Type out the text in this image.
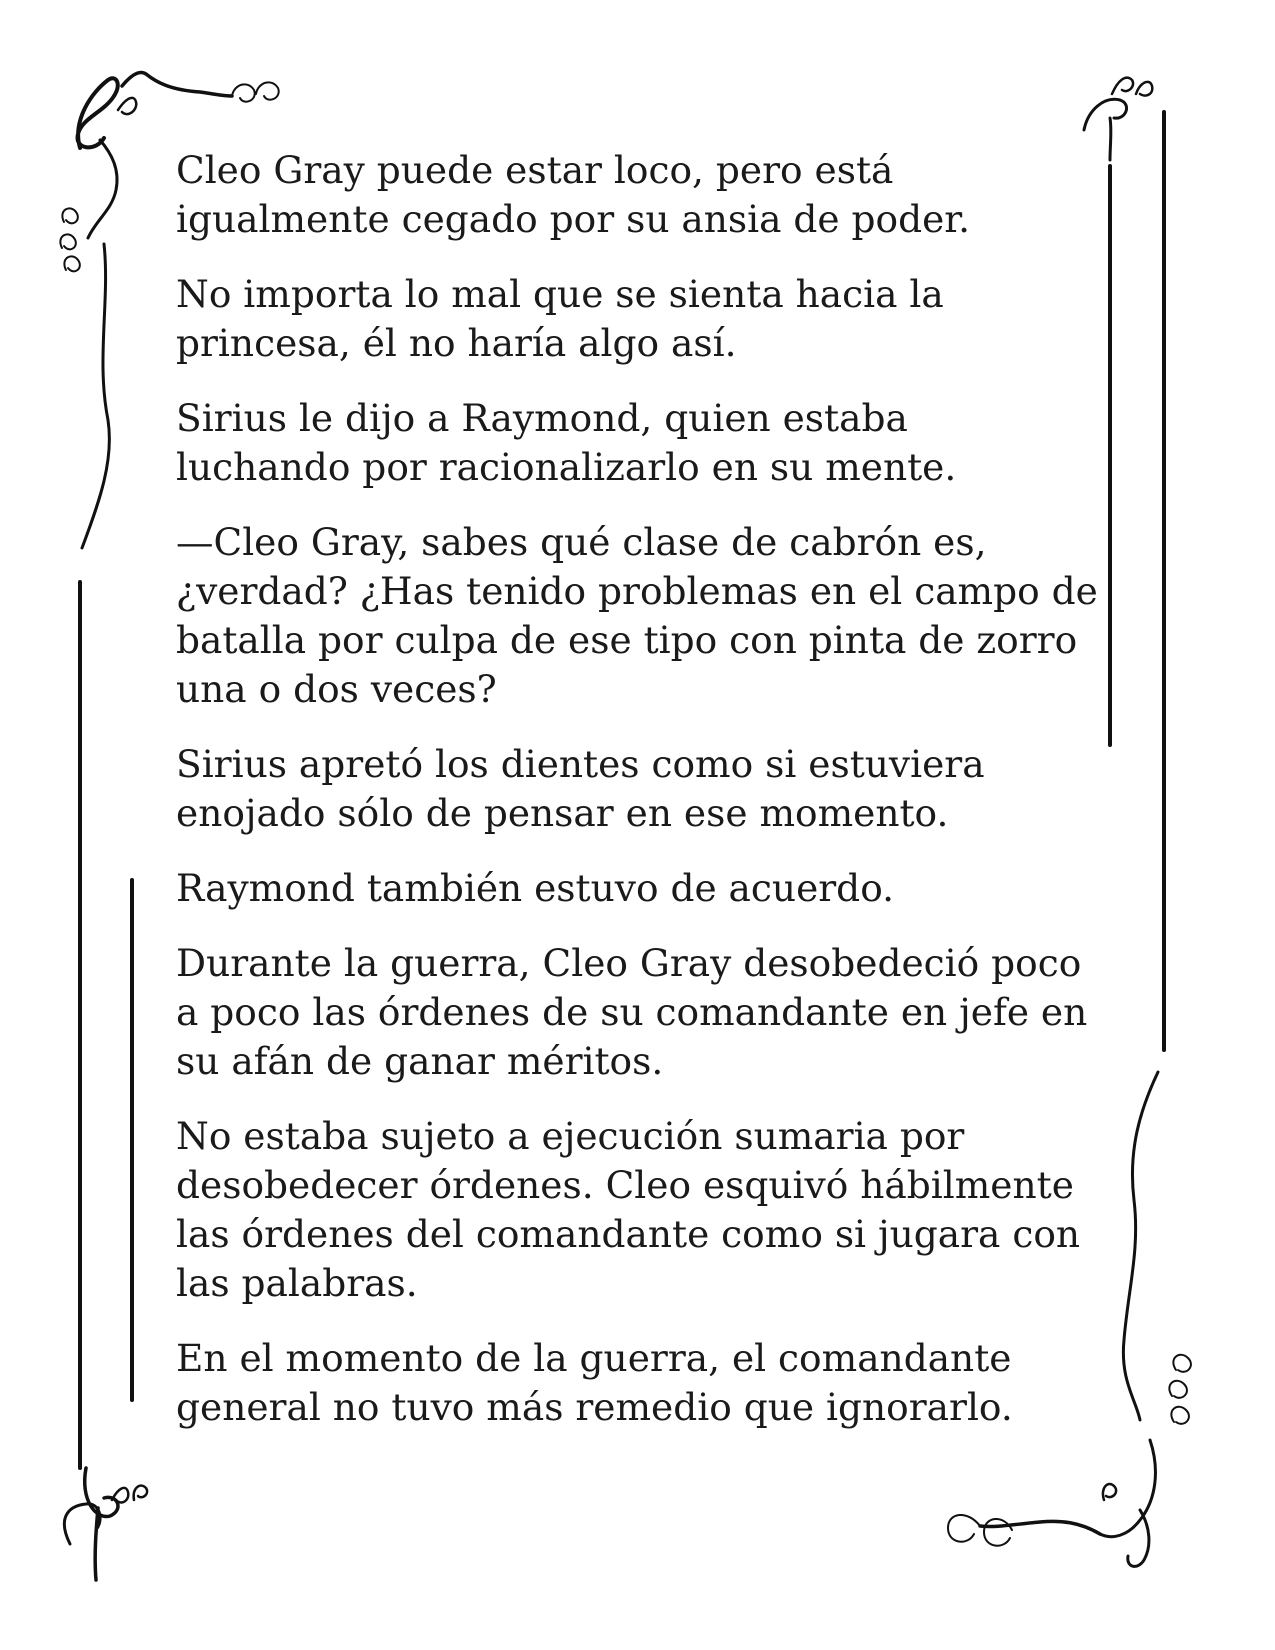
Cleo Gray puede estar loco, pero está
igualmente cegado por su ansia de poder.

No importa lo mal que se sienta hacia la
princesa, él no haría algo así.

Sirius le dijo a Raymond, quien estaba
luchando por racionalizarlo en su mente.

—Cleo Gray, sabes qué clase de cabrón es,
¿verdad? ¿Has tenido problemas en el campo de
batalla por culpa de ese tipo con pinta de zorro
una o dos veces?

Sirius apretó los dientes como si estuviera
enojado sólo de pensar en ese momento.

Raymond también estuvo de acuerdo.

Durante la guerra, Cleo Gray desobedeció poco
a poco las órdenes de su comandante en jefe en
su afán de ganar méritos.

No estaba sujeto a ejecución sumaria por
desobedecer órdenes. Cleo esquivó hábilmente
las órdenes del comandante como si jugara con
las palabras.

En el momento de la guerra, el comandante
general no tuvo más remedio que ignorarlo.
